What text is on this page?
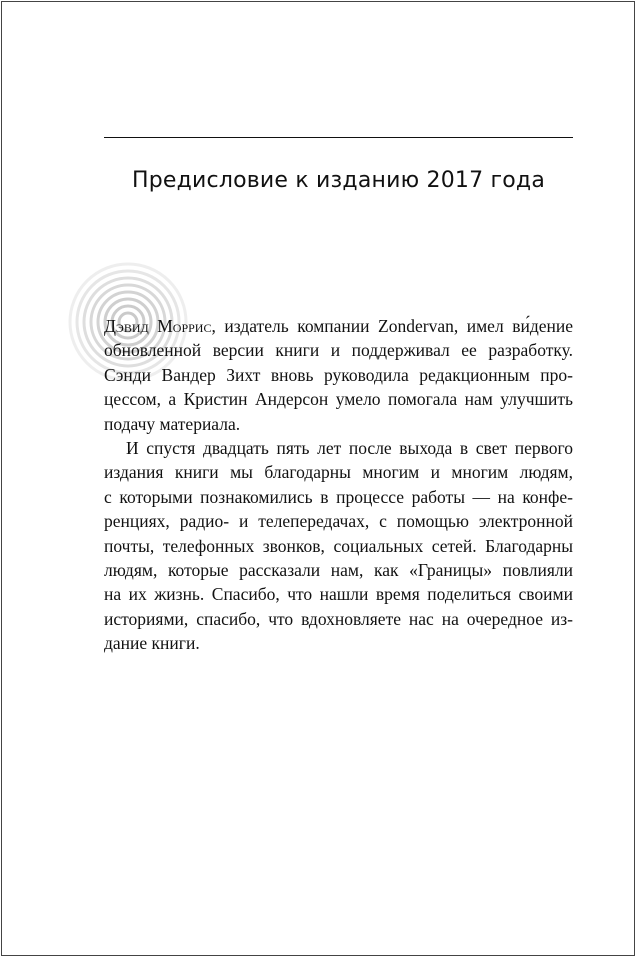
Предисловие к изданию 2017 года
Дэвид Моррис, издатель компании Zondervan, имел ви́дение
обновленной версии книги и поддерживал ее разработку.
Сэнди Вандер Зихт вновь руководила редакционным про-
цессом, а Кристин Андерсон умело помогала нам улучшить
подачу материала.
И спустя двадцать пять лет после выхода в свет первого
издания книги мы благодарны многим и многим людям,
с которыми познакомились в процессе работы — на конфе-
ренциях, радио- и телепередачах, с помощью электронной
почты, телефонных звонков, социальных сетей. Благодарны
людям, которые рассказали нам, как «Границы» повлияли
на их жизнь. Спасибо, что нашли время поделиться своими
историями, спасибо, что вдохновляете нас на очередное из-
дание книги.
